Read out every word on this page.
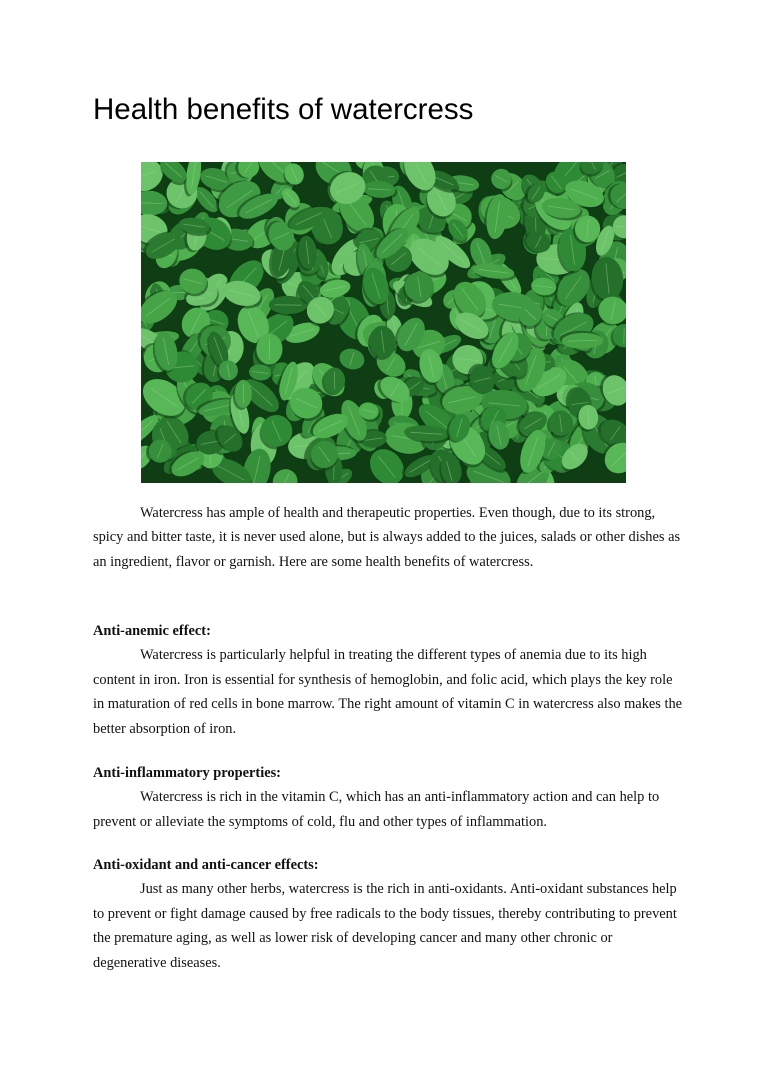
Health benefits of watercress

Watercress has ample of health and therapeutic properties. Even though, due to its strong, spicy and bitter taste, it is never used alone, but is always added to the juices, salads or other dishes as an ingredient, flavor or garnish. Here are some health benefits of watercress.

Anti-anemic effect:

Watercress is particularly helpful in treating the different types of anemia due to its high content in iron. Iron is essential for synthesis of hemoglobin, and folic acid, which plays the key role in maturation of red cells in bone marrow. The right amount of vitamin C in watercress also makes the better absorption of iron.

Anti-inflammatory properties:

Watercress is rich in the vitamin C, which has an anti-inflammatory action and can help to prevent or alleviate the symptoms of cold, flu and other types of inflammation.

Anti-oxidant and anti-cancer effects:

Just as many other herbs, watercress is the rich in anti-oxidants. Anti-oxidant substances help to prevent or fight damage caused by free radicals to the body tissues, thereby contributing to prevent the premature aging, as well as lower risk of developing cancer and many other chronic or degenerative diseases.
